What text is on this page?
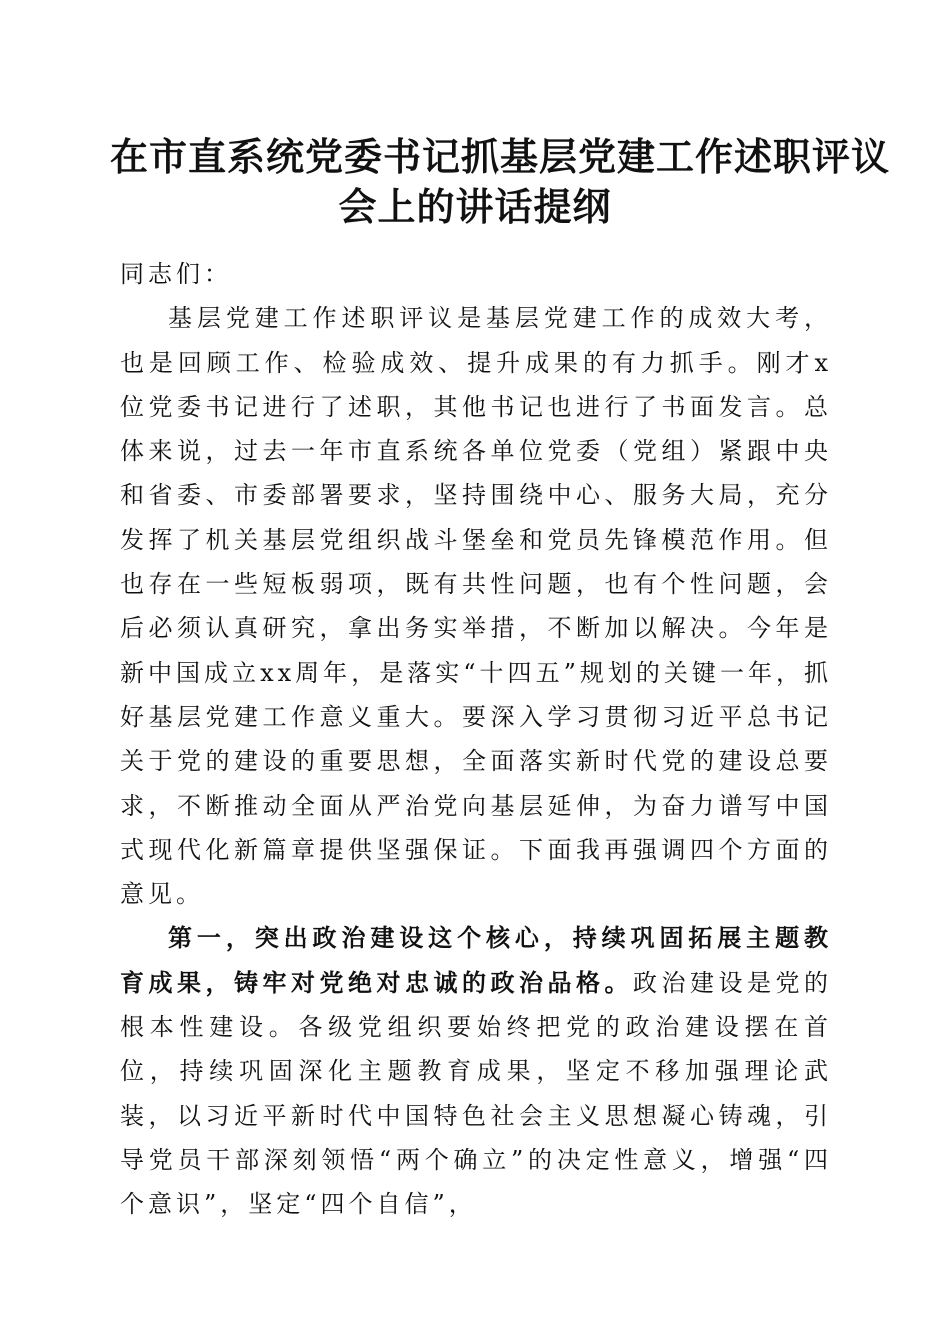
在市直系统党委书记抓基层党建工作述职评议
会上的讲话提纲

同志们：

基层党建工作述职评议是基层党建工作的成效大考，也是回顾工作、检验成效、提升成果的有力抓手。刚才x位党委书记进行了述职，其他书记也进行了书面发言。总体来说，过去一年市直系统各单位党委（党组）紧跟中央和省委、市委部署要求，坚持围绕中心、服务大局，充分发挥了机关基层党组织战斗堡垒和党员先锋模范作用。但也存在一些短板弱项，既有共性问题，也有个性问题，会后必须认真研究，拿出务实举措，不断加以解决。今年是新中国成立xx周年，是落实“十四五”规划的关键一年，抓好基层党建工作意义重大。要深入学习贯彻习近平总书记关于党的建设的重要思想，全面落实新时代党的建设总要求，不断推动全面从严治党向基层延伸，为奋力谱写中国式现代化新篇章提供坚强保证。下面我再强调四个方面的意见。

第一，突出政治建设这个核心，持续巩固拓展主题教育成果，铸牢对党绝对忠诚的政治品格。政治建设是党的根本性建设。各级党组织要始终把党的政治建设摆在首位，持续巩固深化主题教育成果，坚定不移加强理论武装，以习近平新时代中国特色社会主义思想凝心铸魂，引导党员干部深刻领悟“两个确立”的决定性意义，增强“四个意识”，坚定“四个自信”，
